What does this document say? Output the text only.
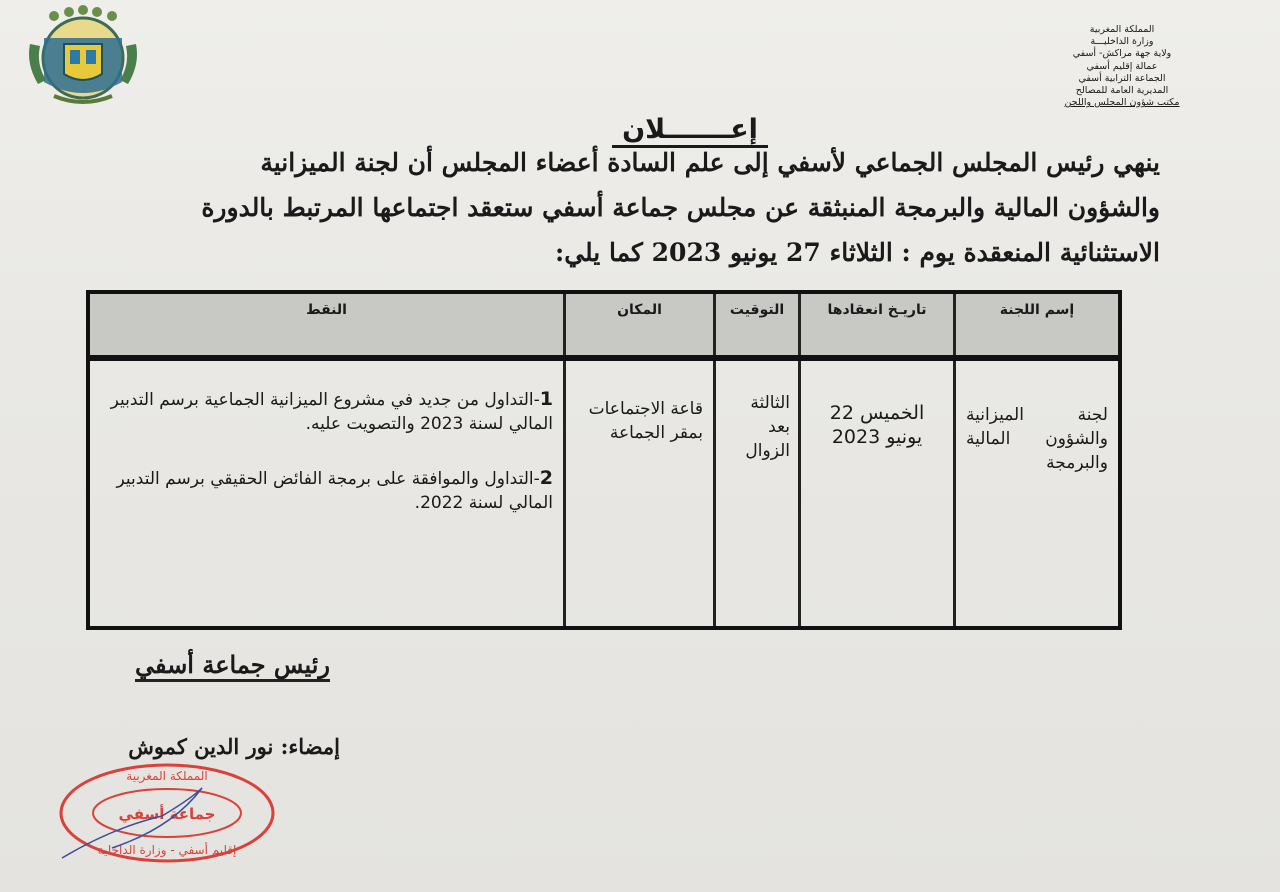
المملكة المغربية
وزارة الداخليـــة
ولاية جهة مراكش- أسفي
عمالة إقليم أسفي
الجماعة الترابية أسفي
المديرية العامة للمصالح
مكتب شؤون المجلس واللجن
إعـــــــلان
ينهي رئيس المجلس الجماعي لأسفي إلى علم السادة أعضاء المجلس أن لجنة الميزانية
والشؤون المالية والبرمجة المنبثقة عن مجلس جماعة أسفي ستعقد اجتماعها المرتبط بالدورة
الاستثنائية المنعقدة يوم : الثلاثاء 27 يونيو 2023 كما يلي:
إسم اللجنة	تاريـخ انعقادها	التوقيت	المكان	النقط
لجنة الميزانية والشؤون المالية والبرمجة	الخميس 22 يونيو 2023	الثالثة بعد الزوال	قاعة الاجتماعات بمقر الجماعة	1-التداول من جديد في مشروع الميزانية الجماعية برسم التدبير المالي لسنة 2023 والتصويت عليه.
2-التداول والموافقة على برمجة الفائض الحقيقي برسم التدبير المالي لسنة 2022.
رئيس جماعة أسفي
إمضاء: نور الدين كموش
المملكة المغربية
جماعة أسفي
إقليم أسفي - وزارة الداخلية
